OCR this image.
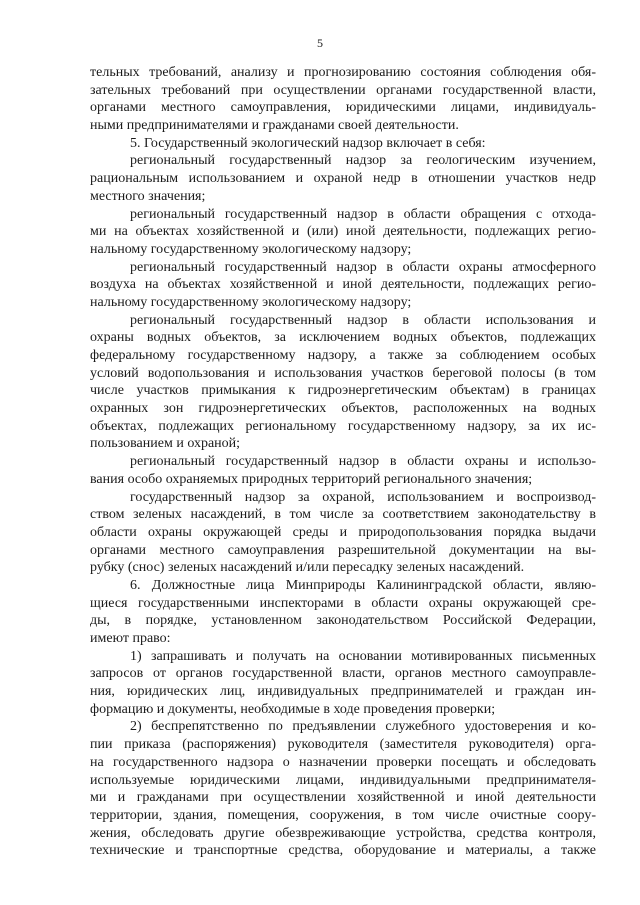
5
тельных требований, анализу и прогнозированию состояния соблюдения обя-
зательных требований при осуществлении органами государственной власти,
органами местного самоуправления, юридическими лицами, индивидуаль-
ными предпринимателями и гражданами своей деятельности.
5. Государственный экологический надзор включает в себя:
региональный государственный надзор за геологическим изучением,
рациональным использованием и охраной недр в отношении участков недр
местного значения;
региональный государственный надзор в области обращения с отхода-
ми на объектах хозяйственной и (или) иной деятельности, подлежащих регио-
нальному государственному экологическому надзору;
региональный государственный надзор в области охраны атмосферного
воздуха на объектах хозяйственной и иной деятельности, подлежащих регио-
нальному государственному экологическому надзору;
региональный государственный надзор в области использования и
охраны водных объектов, за исключением водных объектов, подлежащих
федеральному государственному надзору, а также за соблюдением особых
условий водопользования и использования участков береговой полосы (в том
числе участков примыкания к гидроэнергетическим объектам) в границах
охранных зон гидроэнергетических объектов, расположенных на водных
объектах, подлежащих региональному государственному надзору, за их ис-
пользованием и охраной;
региональный государственный надзор в области охраны и использо-
вания особо охраняемых природных территорий регионального значения;
государственный надзор за охраной, использованием и воспроизвод-
ством зеленых насаждений, в том числе за соответствием законодательству в
области охраны окружающей среды и природопользования порядка выдачи
органами местного самоуправления разрешительной документации на вы-
рубку (снос) зеленых насаждений и/или пересадку зеленых насаждений.
6. Должностные лица Минприроды Калининградской области, являю-
щиеся государственными инспекторами в области охраны окружающей сре-
ды, в порядке, установленном законодательством Российской Федерации,
имеют право:
1) запрашивать и получать на основании мотивированных письменных
запросов от органов государственной власти, органов местного самоуправле-
ния, юридических лиц, индивидуальных предпринимателей и граждан ин-
формацию и документы, необходимые в ходе проведения проверки;
2) беспрепятственно по предъявлении служебного удостоверения и ко-
пии приказа (распоряжения) руководителя (заместителя руководителя) орга-
на государственного надзора о назначении проверки посещать и обследовать
используемые юридическими лицами, индивидуальными предпринимателя-
ми и гражданами при осуществлении хозяйственной и иной деятельности
территории, здания, помещения, сооружения, в том числе очистные соору-
жения, обследовать другие обезвреживающие устройства, средства контроля,
технические и транспортные средства, оборудование и материалы, а также
